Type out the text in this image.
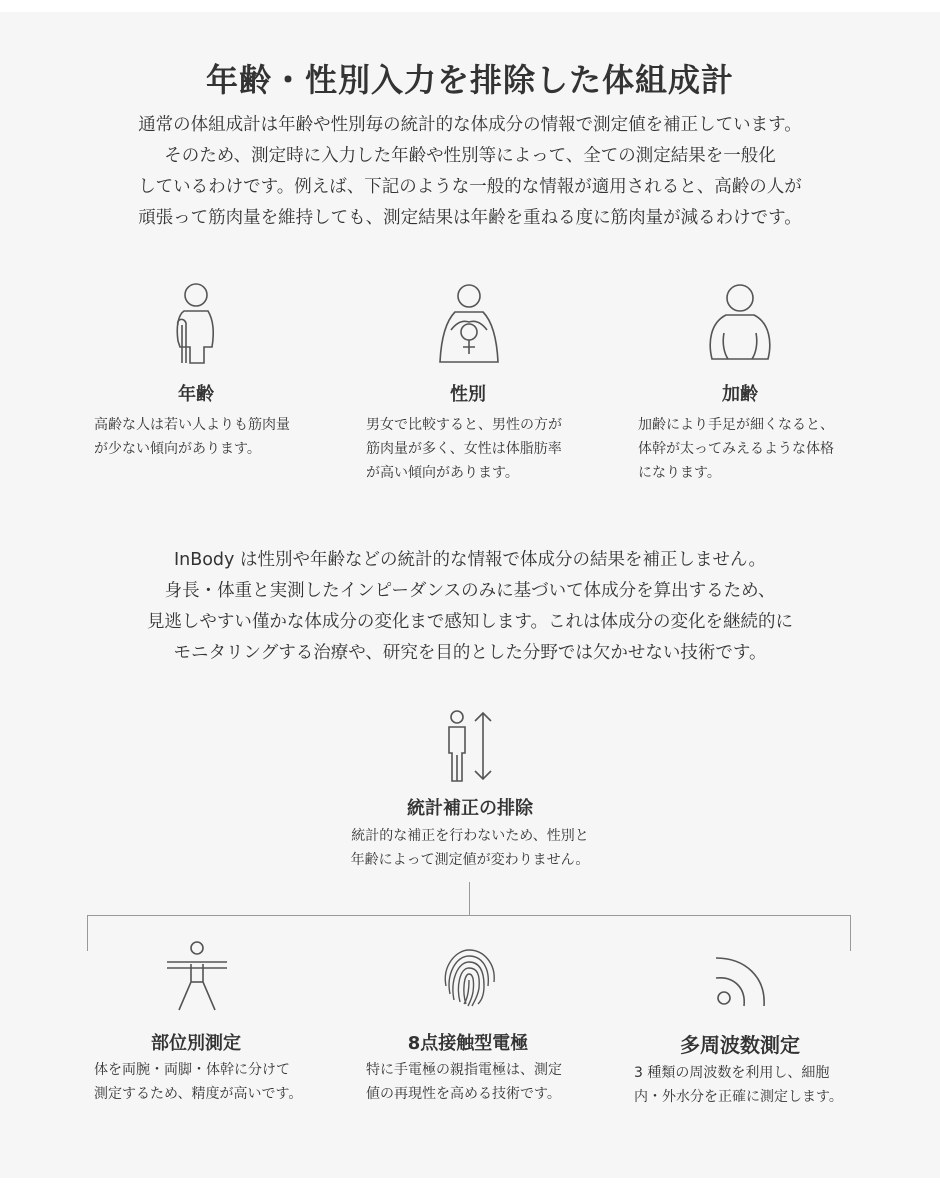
年齢・性別入力を排除した体組成計
通常の体組成計は年齢や性別毎の統計的な体成分の情報で測定値を補正しています。
そのため、測定時に入力した年齢や性別等によって、全ての測定結果を一般化
しているわけです。例えば、下記のような一般的な情報が適用されると、高齢の人が
頑張って筋肉量を維持しても、測定結果は年齢を重ねる度に筋肉量が減るわけです。
年齢
高齢な人は若い人よりも筋肉量
が少ない傾向があります。
性別
男女で比較すると、男性の方が
筋肉量が多く、女性は体脂肪率
が高い傾向があります。
加齢
加齢により手足が細くなると、
体幹が太ってみえるような体格
になります。
InBody は性別や年齢などの統計的な情報で体成分の結果を補正しません。
身長・体重と実測したインピーダンスのみに基づいて体成分を算出するため、
見逃しやすい僅かな体成分の変化まで感知します。これは体成分の変化を継続的に
モニタリングする治療や、研究を目的とした分野では欠かせない技術です。
統計補正の排除
統計的な補正を行わないため、性別と
年齢によって測定値が変わりません。
部位別測定
体を両腕・両脚・体幹に分けて
測定するため、精度が高いです。
8点接触型電極
特に手電極の親指電極は、測定
値の再現性を高める技術です。
多周波数測定
3 種類の周波数を利用し、細胞
内・外水分を正確に測定します。
